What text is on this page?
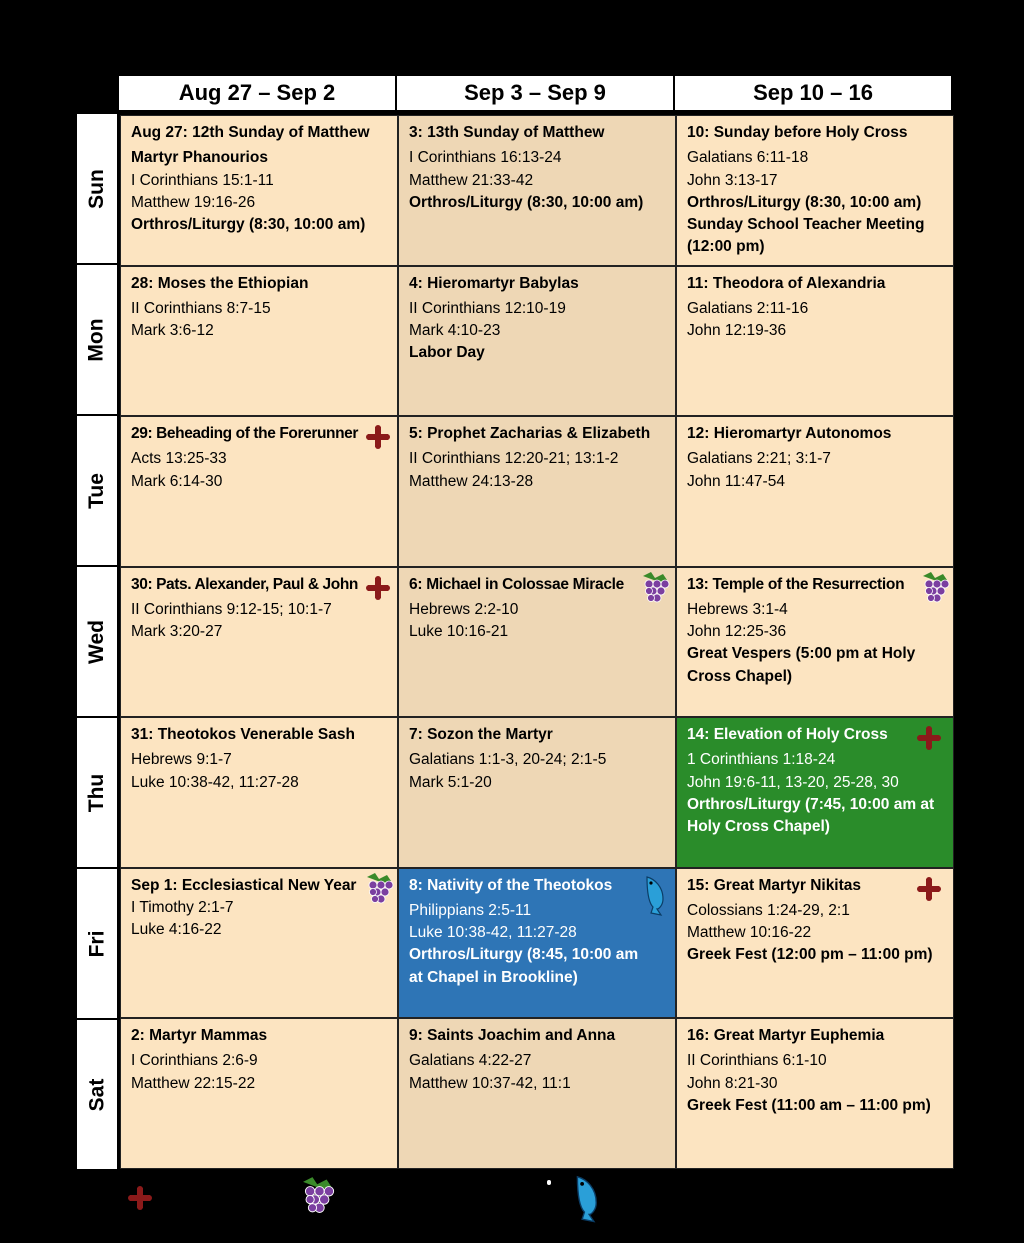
Aug 27 – Sep 2	Sep 3 – Sep 9	Sep 10 – 16
Sun
Mon
Tue
Wed
Thu
Fri
Sat
Aug 27: 12th Sunday of Matthew
Martyr Phanourios
I Corinthians 15:1-11
Matthew 19:16-26
Orthros/Liturgy (8:30, 10:00 am)
3: 13th Sunday of Matthew
I Corinthians 16:13-24
Matthew 21:33-42
Orthros/Liturgy (8:30, 10:00 am)
10: Sunday before Holy Cross
Galatians 6:11-18
John 3:13-17
Orthros/Liturgy (8:30, 10:00 am)
Sunday School Teacher Meeting
(12:00 pm)
28: Moses the Ethiopian
II Corinthians 8:7-15
Mark 3:6-12
4: Hieromartyr Babylas
II Corinthians 12:10-19
Mark 4:10-23
Labor Day
11: Theodora of Alexandria
Galatians 2:11-16
John 12:19-36
29: Beheading of the Forerunner
Acts 13:25-33
Mark 6:14-30
5: Prophet Zacharias & Elizabeth
II Corinthians 12:20-21; 13:1-2
Matthew 24:13-28
12: Hieromartyr Autonomos
Galatians 2:21; 3:1-7
John 11:47-54
30: Pats. Alexander, Paul & John
II Corinthians 9:12-15; 10:1-7
Mark 3:20-27
6: Michael in Colossae Miracle
Hebrews 2:2-10
Luke 10:16-21
13: Temple of the Resurrection
Hebrews 3:1-4
John 12:25-36
Great Vespers (5:00 pm at Holy
Cross Chapel)
31: Theotokos Venerable Sash
Hebrews 9:1-7
Luke 10:38-42, 11:27-28
7: Sozon the Martyr
Galatians 1:1-3, 20-24; 2:1-5
Mark 5:1-20
14: Elevation of Holy Cross
1 Corinthians 1:18-24
John 19:6-11, 13-20, 25-28, 30
Orthros/Liturgy (7:45, 10:00 am at
Holy Cross Chapel)
Sep 1: Ecclesiastical New Year
I Timothy 2:1-7
Luke 4:16-22
8: Nativity of the Theotokos
Philippians 2:5-11
Luke 10:38-42, 11:27-28
Orthros/Liturgy (8:45, 10:00 am
at Chapel in Brookline)
15: Great Martyr Nikitas
Colossians 1:24-29, 2:1
Matthew 10:16-22
Greek Fest (12:00 pm – 11:00 pm)
2: Martyr Mammas
I Corinthians 2:6-9
Matthew 22:15-22
9: Saints Joachim and Anna
Galatians 4:22-27
Matthew 10:37-42, 11:1
16: Great Martyr Euphemia
II Corinthians 6:1-10
John 8:21-30
Greek Fest (11:00 am – 11:00 pm)
